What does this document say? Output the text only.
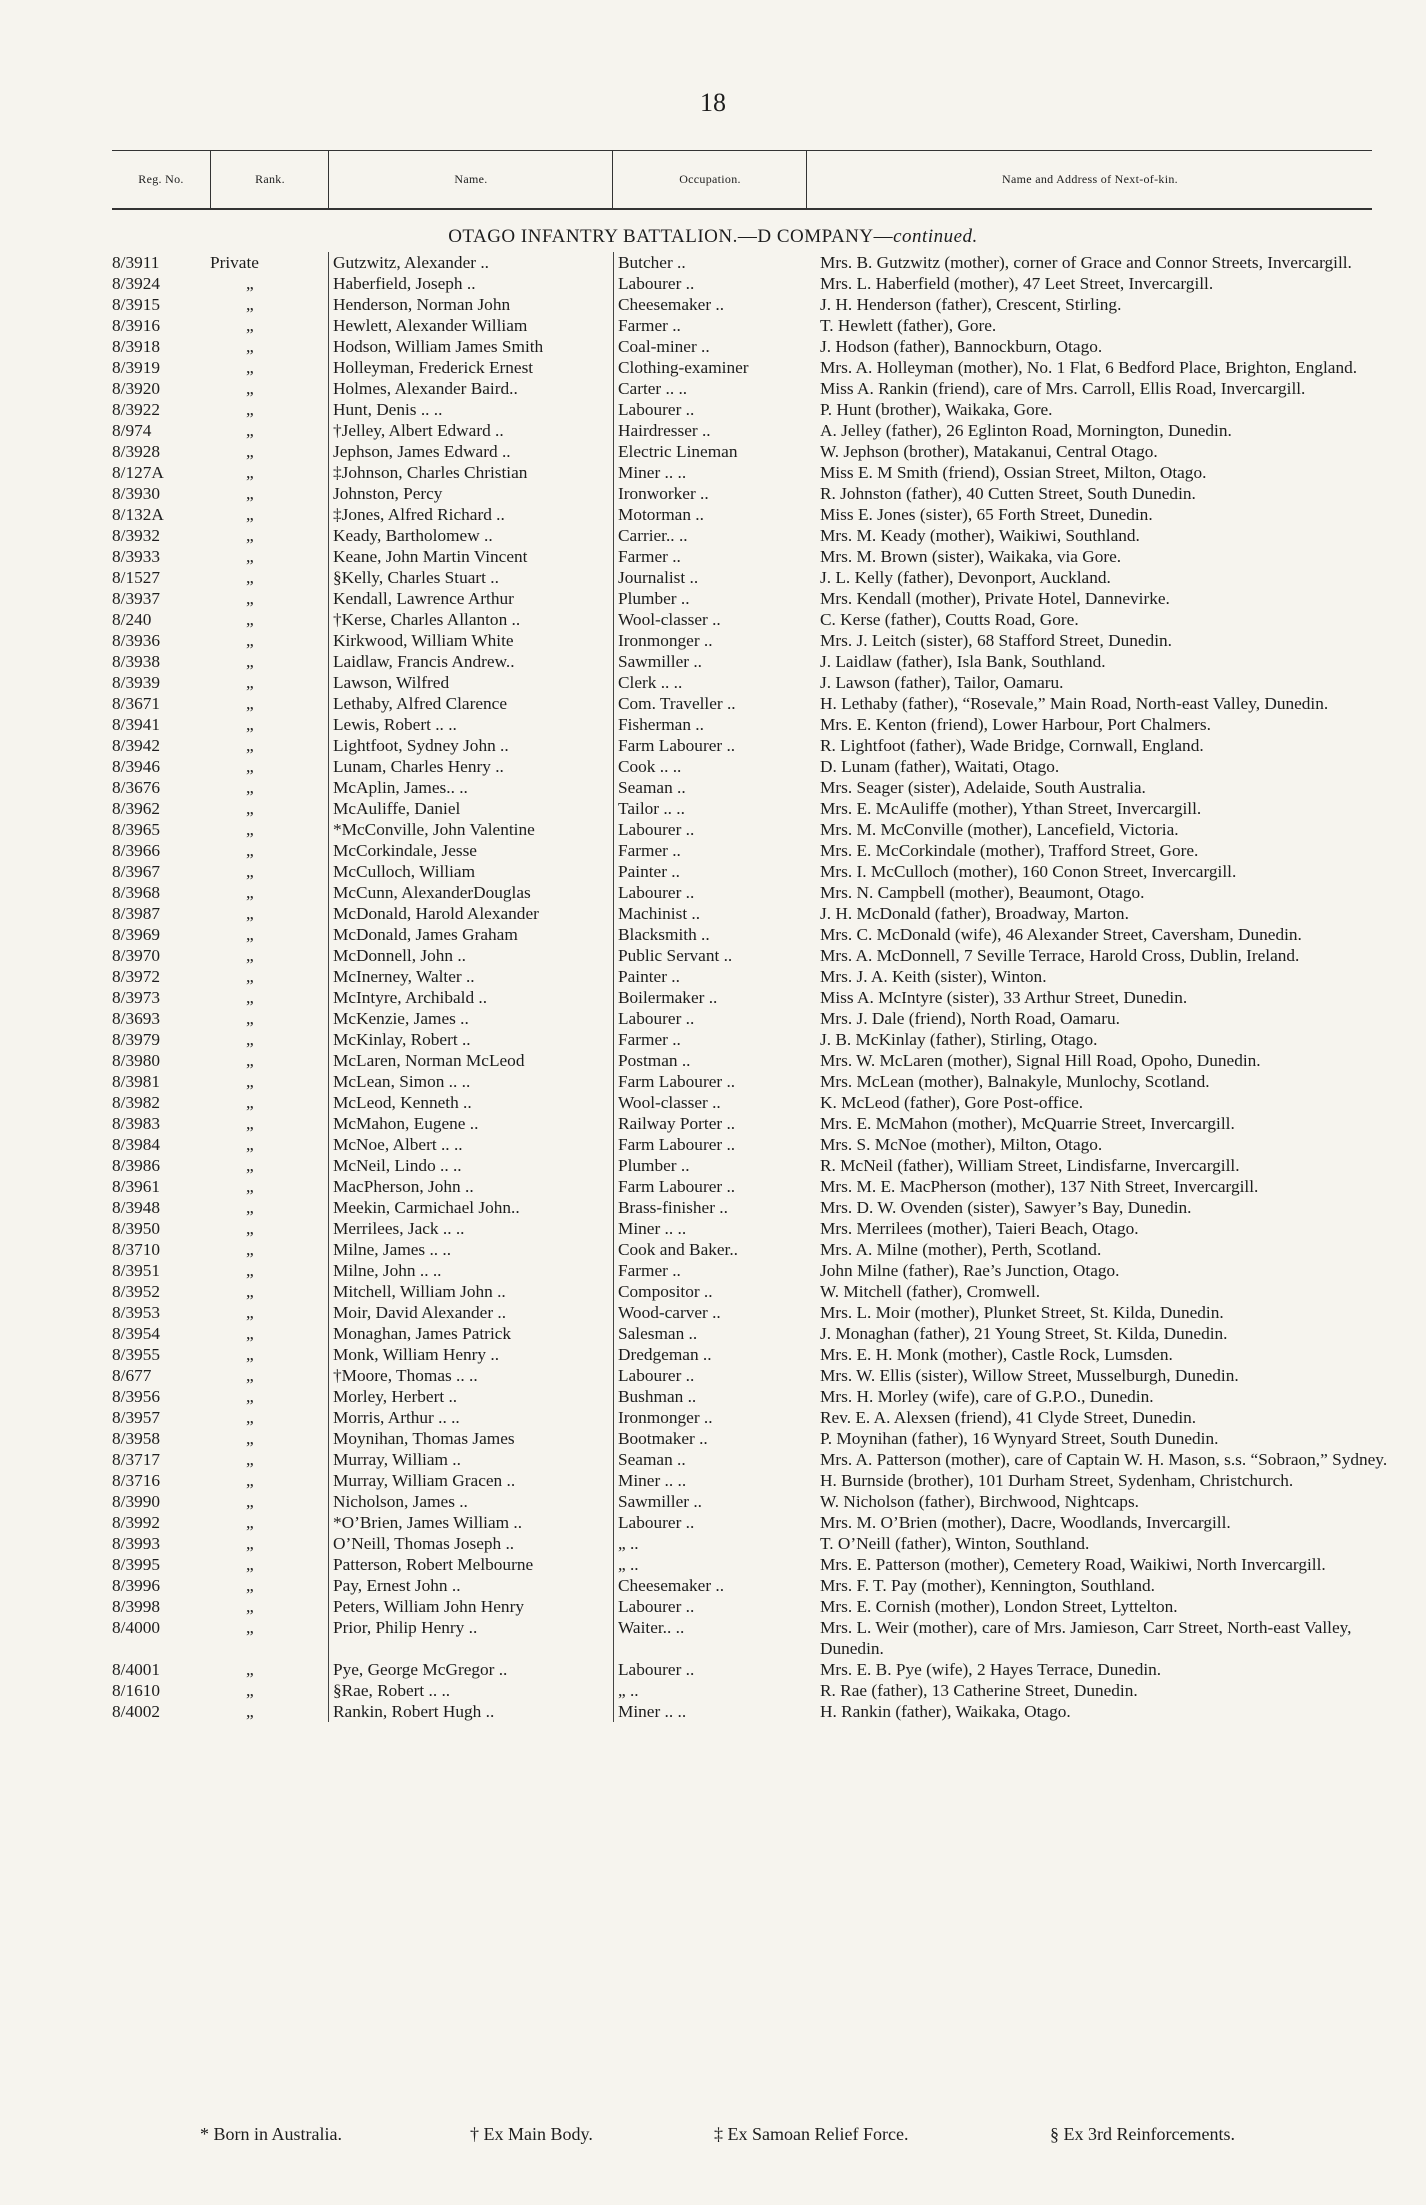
18
Reg. No.	Rank.	Name.	Occupation.	Name and Address of Next-of-kin.
OTAGO INFANTRY BATTALION.—D COMPANY—continued.
8/3911	Private	Gutzwitz, Alexander ..	Butcher ..	Mrs. B. Gutzwitz (mother), corner of Grace and Connor Streets, Invercargill.
8/3924	„	Haberfield, Joseph ..	Labourer ..	Mrs. L. Haberfield (mother), 47 Leet Street, Invercargill.
8/3915	„	Henderson, Norman John	Cheesemaker ..	J. H. Henderson (father), Crescent, Stirling.
8/3916	„	Hewlett, Alexander William	Farmer ..	T. Hewlett (father), Gore.
8/3918	„	Hodson, William James Smith	Coal-miner ..	J. Hodson (father), Bannockburn, Otago.
8/3919	„	Holleyman, Frederick Ernest	Clothing-examiner	Mrs. A. Holleyman (mother), No. 1 Flat, 6 Bedford Place, Brighton, England.
8/3920	„	Holmes, Alexander Baird..	Carter .. ..	Miss A. Rankin (friend), care of Mrs. Carroll, Ellis Road, Invercargill.
8/3922	„	Hunt, Denis .. ..	Labourer ..	P. Hunt (brother), Waikaka, Gore.
8/974	„	†Jelley, Albert Edward ..	Hairdresser ..	A. Jelley (father), 26 Eglinton Road, Mornington, Dunedin.
8/3928	„	Jephson, James Edward ..	Electric Lineman	W. Jephson (brother), Matakanui, Central Otago.
8/127A	„	‡Johnson, Charles Christian	Miner .. ..	Miss E. M Smith (friend), Ossian Street, Milton, Otago.
8/3930	„	Johnston, Percy	Ironworker ..	R. Johnston (father), 40 Cutten Street, South Dunedin.
8/132A	„	‡Jones, Alfred Richard ..	Motorman ..	Miss E. Jones (sister), 65 Forth Street, Dunedin.
8/3932	„	Keady, Bartholomew ..	Carrier.. ..	Mrs. M. Keady (mother), Waikiwi, Southland.
8/3933	„	Keane, John Martin Vincent	Farmer ..	Mrs. M. Brown (sister), Waikaka, via Gore.
8/1527	„	§Kelly, Charles Stuart ..	Journalist ..	J. L. Kelly (father), Devonport, Auckland.
8/3937	„	Kendall, Lawrence Arthur	Plumber ..	Mrs. Kendall (mother), Private Hotel, Dannevirke.
8/240	„	†Kerse, Charles Allanton ..	Wool-classer ..	C. Kerse (father), Coutts Road, Gore.
8/3936	„	Kirkwood, William White	Ironmonger ..	Mrs. J. Leitch (sister), 68 Stafford Street, Dunedin.
8/3938	„	Laidlaw, Francis Andrew..	Sawmiller ..	J. Laidlaw (father), Isla Bank, Southland.
8/3939	„	Lawson, Wilfred	Clerk .. ..	J. Lawson (father), Tailor, Oamaru.
8/3671	„	Lethaby, Alfred Clarence	Com. Traveller ..	H. Lethaby (father), “Rosevale,” Main Road, North-east Valley, Dunedin.
8/3941	„	Lewis, Robert .. ..	Fisherman ..	Mrs. E. Kenton (friend), Lower Harbour, Port Chalmers.
8/3942	„	Lightfoot, Sydney John ..	Farm Labourer ..	R. Lightfoot (father), Wade Bridge, Cornwall, England.
8/3946	„	Lunam, Charles Henry ..	Cook .. ..	D. Lunam (father), Waitati, Otago.
8/3676	„	McAplin, James.. ..	Seaman ..	Mrs. Seager (sister), Adelaide, South Australia.
8/3962	„	McAuliffe, Daniel	Tailor .. ..	Mrs. E. McAuliffe (mother), Ythan Street, Invercargill.
8/3965	„	*McConville, John Valentine	Labourer ..	Mrs. M. McConville (mother), Lancefield, Victoria.
8/3966	„	McCorkindale, Jesse	Farmer ..	Mrs. E. McCorkindale (mother), Trafford Street, Gore.
8/3967	„	McCulloch, William	Painter ..	Mrs. I. McCulloch (mother), 160 Conon Street, Invercargill.
8/3968	„	McCunn, AlexanderDouglas	Labourer ..	Mrs. N. Campbell (mother), Beaumont, Otago.
8/3987	„	McDonald, Harold Alexander	Machinist ..	J. H. McDonald (father), Broadway, Marton.
8/3969	„	McDonald, James Graham	Blacksmith ..	Mrs. C. McDonald (wife), 46 Alexander Street, Caversham, Dunedin.
8/3970	„	McDonnell, John ..	Public Servant ..	Mrs. A. McDonnell, 7 Seville Terrace, Harold Cross, Dublin, Ireland.
8/3972	„	McInerney, Walter ..	Painter ..	Mrs. J. A. Keith (sister), Winton.
8/3973	„	McIntyre, Archibald ..	Boilermaker ..	Miss A. McIntyre (sister), 33 Arthur Street, Dunedin.
8/3693	„	McKenzie, James ..	Labourer ..	Mrs. J. Dale (friend), North Road, Oamaru.
8/3979	„	McKinlay, Robert ..	Farmer ..	J. B. McKinlay (father), Stirling, Otago.
8/3980	„	McLaren, Norman McLeod	Postman ..	Mrs. W. McLaren (mother), Signal Hill Road, Opoho, Dunedin.
8/3981	„	McLean, Simon .. ..	Farm Labourer ..	Mrs. McLean (mother), Balnakyle, Munlochy, Scotland.
8/3982	„	McLeod, Kenneth ..	Wool-classer ..	K. McLeod (father), Gore Post-office.
8/3983	„	McMahon, Eugene ..	Railway Porter ..	Mrs. E. McMahon (mother), McQuarrie Street, Invercargill.
8/3984	„	McNoe, Albert .. ..	Farm Labourer ..	Mrs. S. McNoe (mother), Milton, Otago.
8/3986	„	McNeil, Lindo .. ..	Plumber ..	R. McNeil (father), William Street, Lindisfarne, Invercargill.
8/3961	„	MacPherson, John ..	Farm Labourer ..	Mrs. M. E. MacPherson (mother), 137 Nith Street, Invercargill.
8/3948	„	Meekin, Carmichael John..	Brass-finisher ..	Mrs. D. W. Ovenden (sister), Sawyer’s Bay, Dunedin.
8/3950	„	Merrilees, Jack .. ..	Miner .. ..	Mrs. Merrilees (mother), Taieri Beach, Otago.
8/3710	„	Milne, James .. ..	Cook and Baker..	Mrs. A. Milne (mother), Perth, Scotland.
8/3951	„	Milne, John .. ..	Farmer ..	John Milne (father), Rae’s Junction, Otago.
8/3952	„	Mitchell, William John ..	Compositor ..	W. Mitchell (father), Cromwell.
8/3953	„	Moir, David Alexander ..	Wood-carver ..	Mrs. L. Moir (mother), Plunket Street, St. Kilda, Dunedin.
8/3954	„	Monaghan, James Patrick	Salesman ..	J. Monaghan (father), 21 Young Street, St. Kilda, Dunedin.
8/3955	„	Monk, William Henry ..	Dredgeman ..	Mrs. E. H. Monk (mother), Castle Rock, Lumsden.
8/677	„	†Moore, Thomas .. ..	Labourer ..	Mrs. W. Ellis (sister), Willow Street, Musselburgh, Dunedin.
8/3956	„	Morley, Herbert ..	Bushman ..	Mrs. H. Morley (wife), care of G.P.O., Dunedin.
8/3957	„	Morris, Arthur .. ..	Ironmonger ..	Rev. E. A. Alexsen (friend), 41 Clyde Street, Dunedin.
8/3958	„	Moynihan, Thomas James	Bootmaker ..	P. Moynihan (father), 16 Wynyard Street, South Dunedin.
8/3717	„	Murray, William ..	Seaman ..	Mrs. A. Patterson (mother), care of Captain W. H. Mason, s.s. “Sobraon,” Sydney.
8/3716	„	Murray, William Gracen ..	Miner .. ..	H. Burnside (brother), 101 Durham Street, Sydenham, Christchurch.
8/3990	„	Nicholson, James ..	Sawmiller ..	W. Nicholson (father), Birchwood, Nightcaps.
8/3992	„	*O’Brien, James William ..	Labourer ..	Mrs. M. O’Brien (mother), Dacre, Woodlands, Invercargill.
8/3993	„	O’Neill, Thomas Joseph ..	„ ..	T. O’Neill (father), Winton, Southland.
8/3995	„	Patterson, Robert Melbourne	„ ..	Mrs. E. Patterson (mother), Cemetery Road, Waikiwi, North Invercargill.
8/3996	„	Pay, Ernest John ..	Cheesemaker ..	Mrs. F. T. Pay (mother), Kennington, Southland.
8/3998	„	Peters, William John Henry	Labourer ..	Mrs. E. Cornish (mother), London Street, Lyttelton.
8/4000	„	Prior, Philip Henry ..	Waiter.. ..	Mrs. L. Weir (mother), care of Mrs. Jamieson, Carr Street, North-east Valley, Dunedin.
8/4001	„	Pye, George McGregor ..	Labourer ..	Mrs. E. B. Pye (wife), 2 Hayes Terrace, Dunedin.
8/1610	„	§Rae, Robert .. ..	„ ..	R. Rae (father), 13 Catherine Street, Dunedin.
8/4002	„	Rankin, Robert Hugh ..	Miner .. ..	H. Rankin (father), Waikaka, Otago.
* Born in Australia.	† Ex Main Body.	‡ Ex Samoan Relief Force.	§ Ex 3rd Reinforcements.
